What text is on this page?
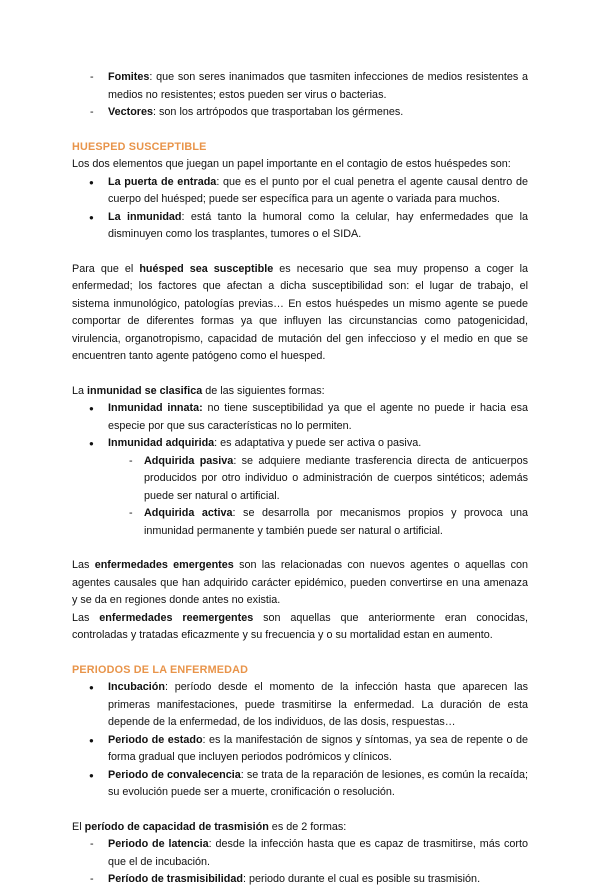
- Fomites: que son seres inanimados que tasmiten infecciones de medios resistentes a medios no resistentes; estos pueden ser virus o bacterias.
- Vectores: son los artrópodos que trasportaban los gérmenes.

HUESPED SUSCEPTIBLE

Los dos elementos que juegan un papel importante en el contagio de estos huéspedes son:

● La puerta de entrada: que es el punto por el cual penetra el agente causal dentro de cuerpo del huésped; puede ser específica para un agente o variada para muchos.
● La inmunidad: está tanto la humoral como la celular, hay enfermedades que la disminuyen como los trasplantes, tumores o el SIDA.

Para que el huésped sea susceptible es necesario que sea muy propenso a coger la enfermedad; los factores que afectan a dicha susceptibilidad son: el lugar de trabajo, el sistema inmunológico, patologías previas… En estos huéspedes un mismo agente se puede comportar de diferentes formas ya que influyen las circunstancias como patogenicidad, virulencia, organotropismo, capacidad de mutación del gen infeccioso y el medio en que se encuentren tanto agente patógeno como el huesped.

La inmunidad se clasifica de las siguientes formas:

● Inmunidad innata: no tiene susceptibilidad ya que el agente no puede ir hacia esa especie por que sus características no lo permiten.
● Inmunidad adquirida: es adaptativa y puede ser activa o pasiva.
- Adquirida pasiva: se adquiere mediante trasferencia directa de anticuerpos producidos por otro individuo o administración de cuerpos sintéticos; además puede ser natural o artificial.
- Adquirida activa: se desarrolla por mecanismos propios y provoca una inmunidad permanente y también puede ser natural o artificial.

Las enfermedades emergentes son las relacionadas con nuevos agentes o aquellas con agentes causales que han adquirido carácter epidémico, pueden convertirse en una amenaza y se da en regiones donde antes no existia.

Las enfermedades reemergentes son aquellas que anteriormente eran conocidas, controladas y tratadas eficazmente y su frecuencia y o su mortalidad estan en aumento.

PERIODOS DE LA ENFERMEDAD

● Incubación: período desde el momento de la infección hasta que aparecen las primeras manifestaciones, puede trasmitirse la enfermedad. La duración de esta depende de la enfermedad, de los individuos, de las dosis, respuestas…
● Periodo de estado: es la manifestación de signos y síntomas, ya sea de repente o de forma gradual que incluyen periodos podrómicos y clínicos.
● Periodo de convalecencia: se trata de la reparación de lesiones, es común la recaída; su evolución puede ser a muerte, cronificación o resolución.

El período de capacidad de trasmisión es de 2 formas:

- Periodo de latencia: desde la infección hasta que es capaz de trasmitirse, más corto que el de incubación.
- Período de trasmisibilidad: periodo durante el cual es posible su trasmisión.
